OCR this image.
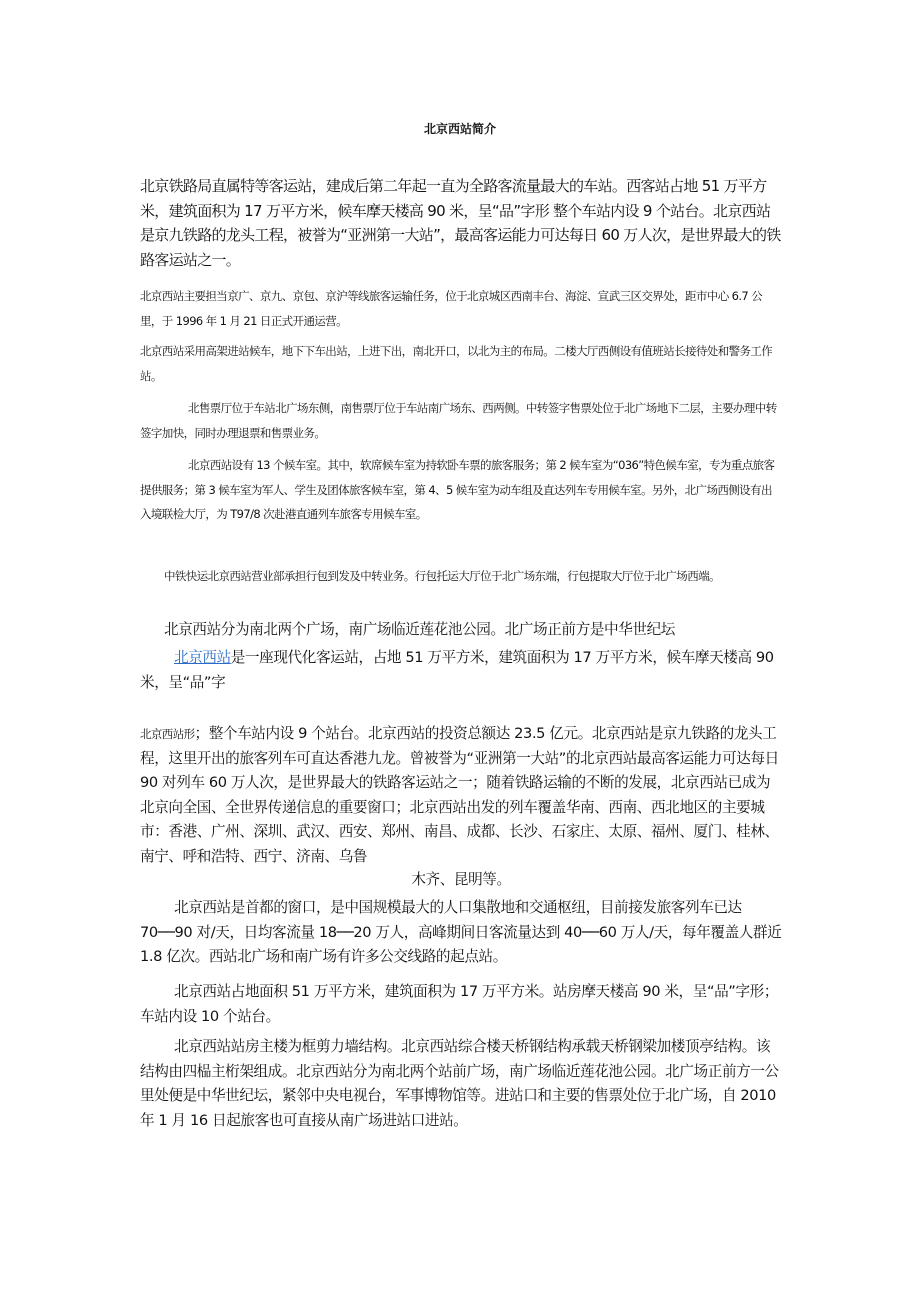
北京西站简介

北京铁路局直属特等客运站，建成后第二年起一直为全路客流量最大的车站。西客站占地 51 万平方米，建筑面积为 17 万平方米，候车摩天楼高 90 米，呈“品”字形 整个车站内设 9 个站台。北京西站是京九铁路的龙头工程，被誉为“亚洲第一大站”，最高客运能力可达每日 60 万人次，是世界最大的铁路客运站之一。

北京西站主要担当京广、京九、京包、京沪等线旅客运输任务，位于北京城区西南丰台、海淀、宣武三区交界处，距市中心 6.7 公里，于 1996 年 1 月 21 日正式开通运营。

北京西站采用高架进站候车，地下下车出站，上进下出，南北开口，以北为主的布局。二楼大厅西侧设有值班站长接待处和警务工作站。

北售票厅位于车站北广场东侧，南售票厅位于车站南广场东、西两侧。中转签字售票处位于北广场地下二层，主要办理中转签字加快，同时办理退票和售票业务。

北京西站设有 13 个候车室。其中，软席候车室为持软卧车票的旅客服务；第 2 候车室为“036”特色候车室，专为重点旅客提供服务；第 3 候车室为军人、学生及团体旅客候车室，第 4、5 候车室为动车组及直达列车专用候车室。另外，北广场西侧设有出入境联检大厅，为 T97/8 次赴港直通列车旅客专用候车室。

中铁快运北京西站营业部承担行包到发及中转业务。行包托运大厅位于北广场东端，行包提取大厅位于北广场西端。

北京西站分为南北两个广场，南广场临近莲花池公园。北广场正前方是中华世纪坛

北京西站是一座现代化客运站，占地 51 万平方米，建筑面积为 17 万平方米，候车摩天楼高 90 米，呈“品”字

北京西站形；整个车站内设 9 个站台。北京西站的投资总额达 23.5 亿元。北京西站是京九铁路的龙头工程，这里开出的旅客列车可直达香港九龙。曾被誉为“亚洲第一大站”的北京西站最高客运能力可达每日 90 对列车 60 万人次，是世界最大的铁路客运站之一；随着铁路运输的不断的发展，北京西站已成为北京向全国、全世界传递信息的重要窗口；北京西站出发的列车覆盖华南、西南、西北地区的主要城市：香港、广州、深圳、武汉、西安、郑州、南昌、成都、长沙、石家庄、太原、福州、厦门、桂林、南宁、呼和浩特、西宁、济南、乌鲁

木齐、昆明等。

北京西站是首都的窗口，是中国规模最大的人口集散地和交通枢纽，目前接发旅客列车已达 70──90 对/天，日均客流量 18──20 万人，高峰期间日客流量达到 40──60 万人/天，每年覆盖人群近 1.8 亿次。西站北广场和南广场有许多公交线路的起点站。

北京西站占地面积 51 万平方米，建筑面积为 17 万平方米。站房摩天楼高 90 米，呈“品”字形；车站内设 10 个站台。

北京西站站房主楼为框剪力墙结构。北京西站综合楼天桥钢结构承载天桥钢梁加楼顶亭结构。该结构由四榀主桁架组成。北京西站分为南北两个站前广场，南广场临近莲花池公园。北广场正前方一公里处便是中华世纪坛，紧邻中央电视台，军事博物馆等。进站口和主要的售票处位于北广场，自 2010 年 1 月 16 日起旅客也可直接从南广场进站口进站。
